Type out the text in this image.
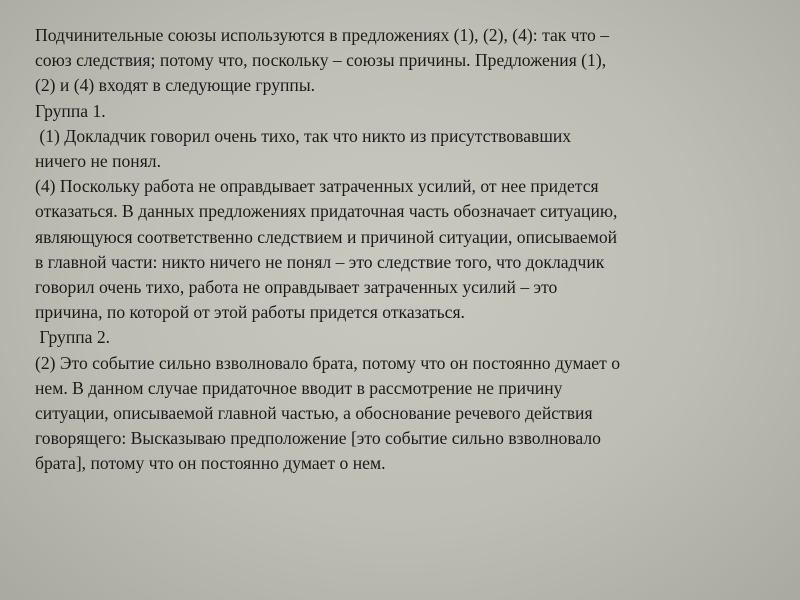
Подчинительные союзы используются в предложениях (1), (2), (4): так что –
союз следствия; потому что, поскольку – союзы причины. Предложения (1),
(2) и (4) входят в следующие группы.
Группа 1.
(1) Докладчик говорил очень тихо, так что никто из присутствовавших
ничего не понял.
(4) Поскольку работа не оправдывает затраченных усилий, от нее придется
отказаться. В данных предложениях придаточная часть обозначает ситуацию,
являющуюся соответственно следствием и причиной ситуации, описываемой
в главной части: никто ничего не понял – это следствие того, что докладчик
говорил очень тихо, работа не оправдывает затраченных усилий – это
причина, по которой от этой работы придется отказаться.
Группа 2.
(2) Это событие сильно взволновало брата, потому что он постоянно думает о
нем. В данном случае придаточное вводит в рассмотрение не причину
ситуации, описываемой главной частью, а обоснование речевого действия
говорящего: Высказываю предположение [это событие сильно взволновало
брата], потому что он постоянно думает о нем.
